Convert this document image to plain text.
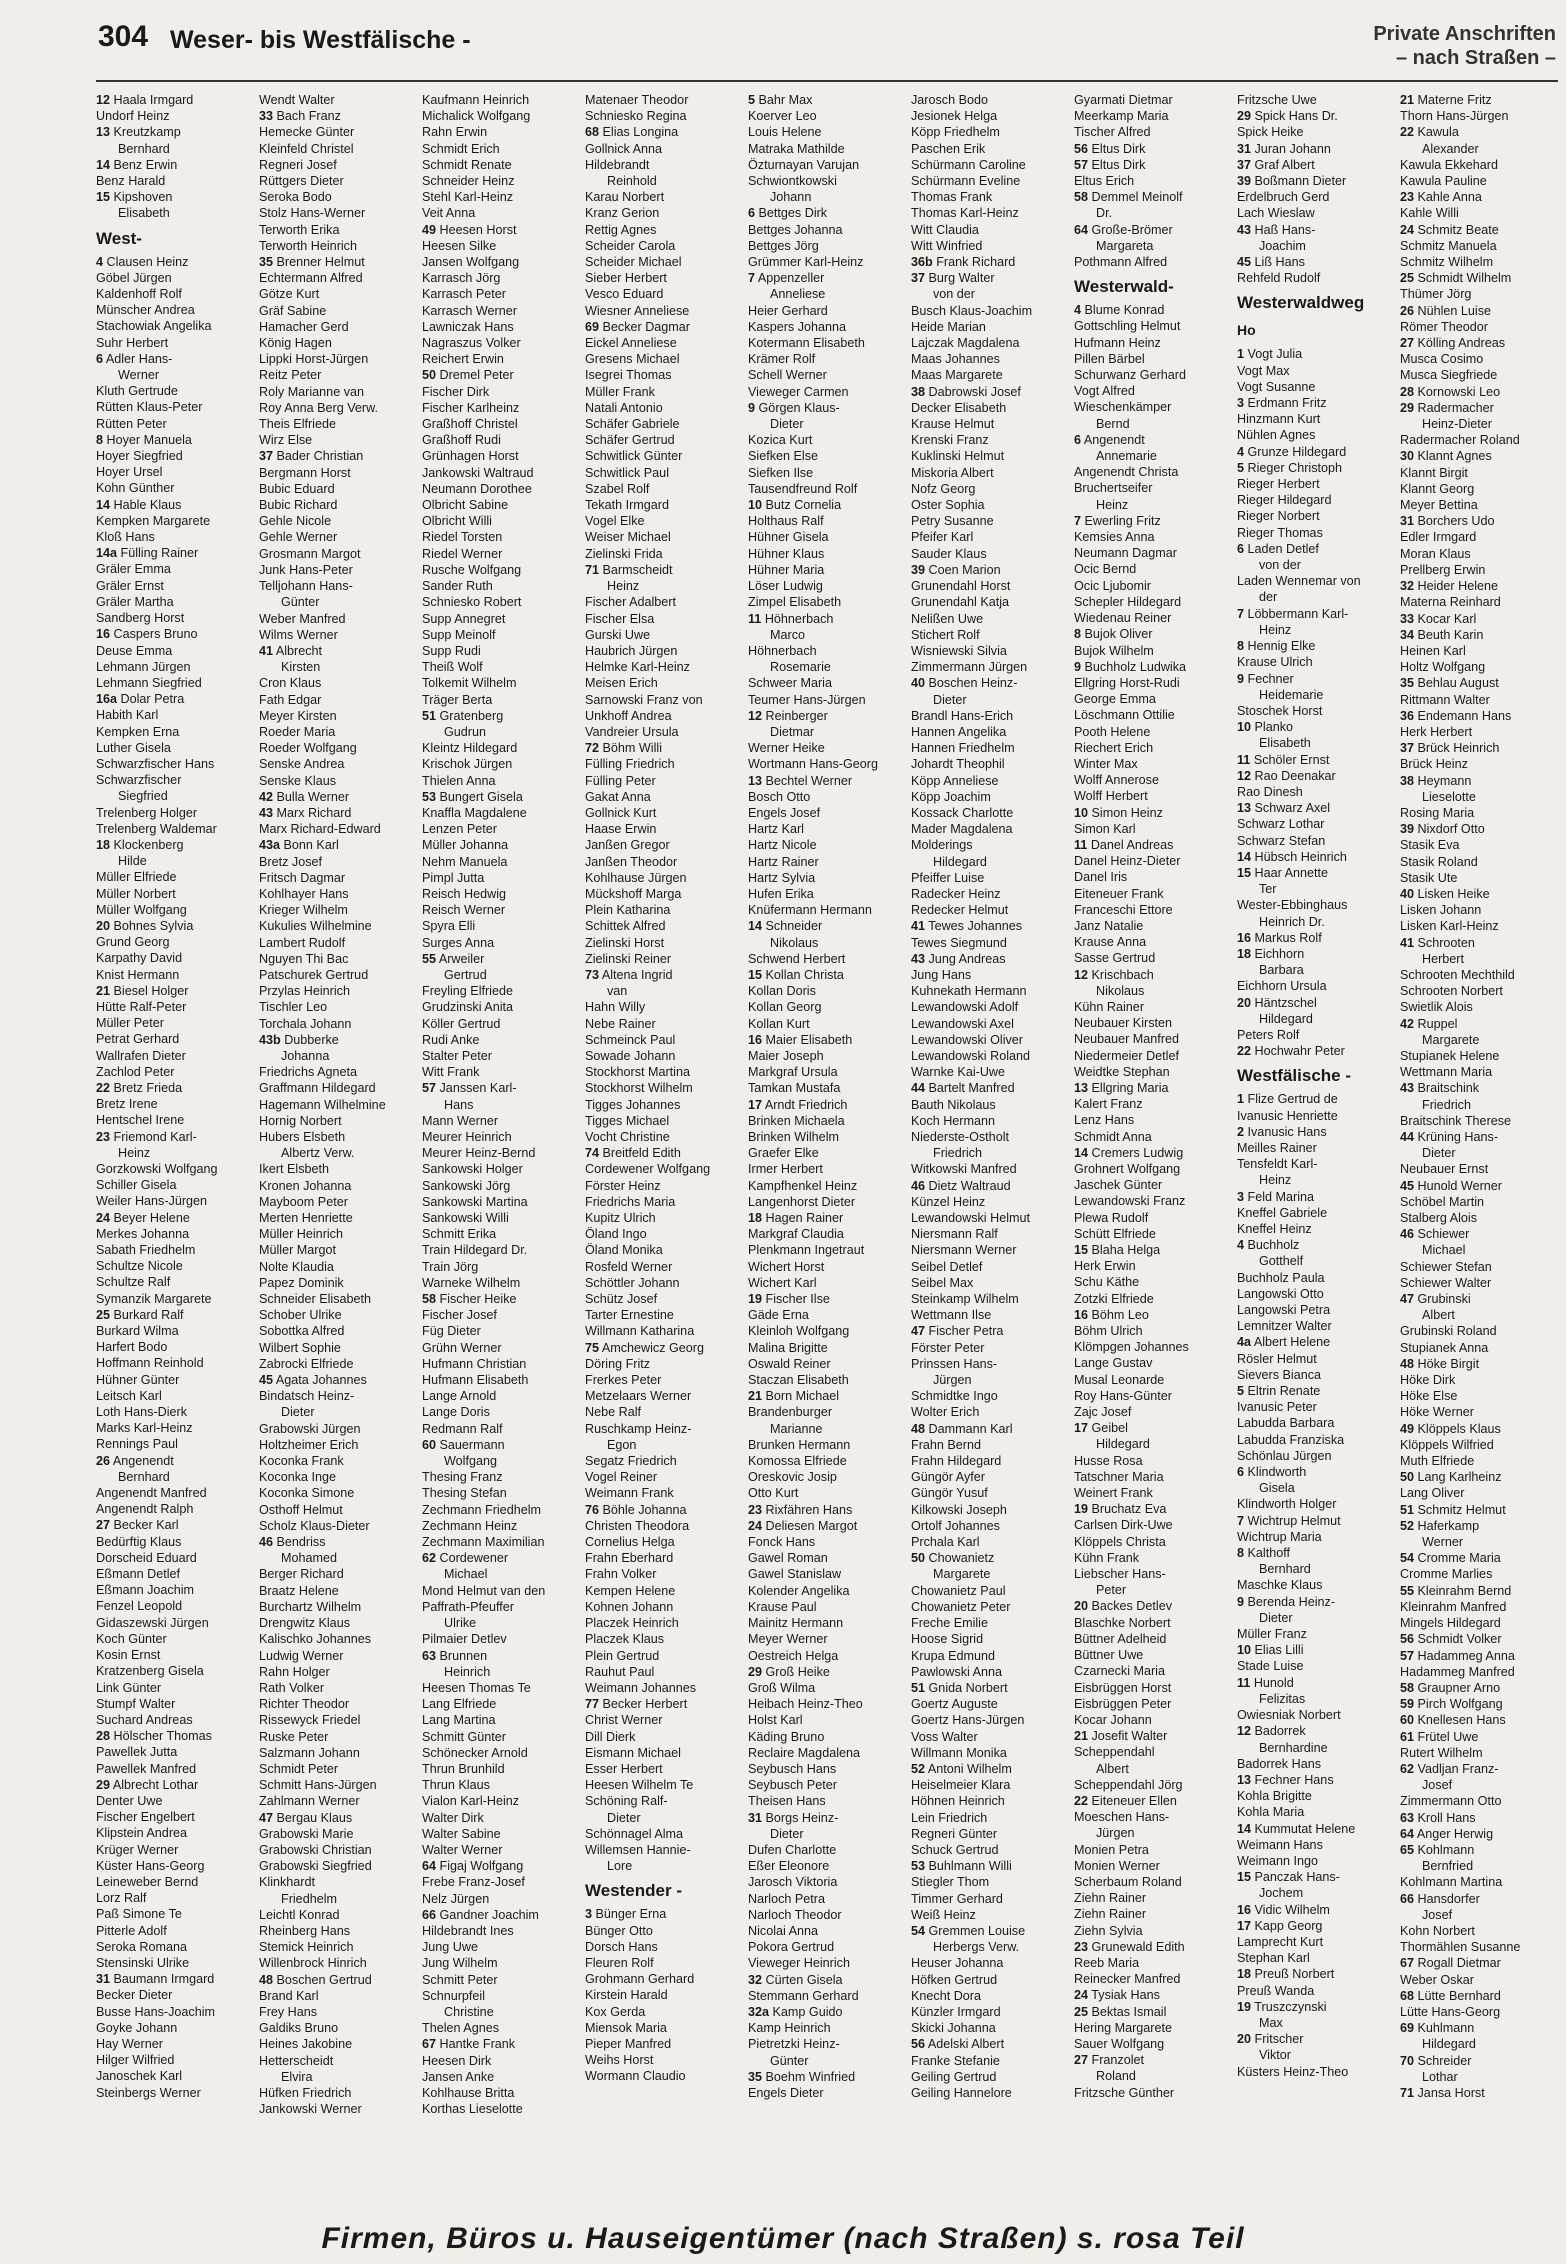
304 Weser- bis Westfälische -	Private Anschriften
– nach Straßen –
12 Haala Irmgard
Undorf Heinz
13 Kreutzkamp
Bernhard
14 Benz Erwin
Benz Harald
15 Kipshoven
Elisabeth
West-
4 Clausen Heinz
Göbel Jürgen
Kaldenhoff Rolf
Münscher Andrea
Stachowiak Angelika
Suhr Herbert
6 Adler Hans-
Werner
Kluth Gertrude
Rütten Klaus-Peter
Rütten Peter
8 Hoyer Manuela
Hoyer Siegfried
Hoyer Ursel
Kohn Günther
14 Hable Klaus
Kempken Margarete
Kloß Hans
14a Fülling Rainer
Gräler Emma
Gräler Ernst
Gräler Martha
Sandberg Horst
16 Caspers Bruno
Deuse Emma
Lehmann Jürgen
Lehmann Siegfried
16a Dolar Petra
Habith Karl
Kempken Erna
Luther Gisela
Schwarzfischer Hans
Schwarzfischer
Siegfried
Trelenberg Holger
Trelenberg Waldemar
18 Klockenberg
Hilde
Müller Elfriede
Müller Norbert
Müller Wolfgang
20 Bohnes Sylvia
Grund Georg
Karpathy David
Knist Hermann
21 Biesel Holger
Hütte Ralf-Peter
Müller Peter
Petrat Gerhard
Wallrafen Dieter
Zachlod Peter
22 Bretz Frieda
Bretz Irene
Hentschel Irene
23 Friemond Karl-
Heinz
Gorzkowski Wolfgang
Schiller Gisela
Weiler Hans-Jürgen
24 Beyer Helene
Merkes Johanna
Sabath Friedhelm
Schultze Nicole
Schultze Ralf
Symanzik Margarete
25 Burkard Ralf
Burkard Wilma
Harfert Bodo
Hoffmann Reinhold
Hühner Günter
Leitsch Karl
Loth Hans-Dierk
Marks Karl-Heinz
Rennings Paul
26 Angenendt
Bernhard
Angenendt Manfred
Angenendt Ralph
27 Becker Karl
Bedürftig Klaus
Dorscheid Eduard
Eßmann Detlef
Eßmann Joachim
Fenzel Leopold
Gidaszewski Jürgen
Koch Günter
Kosin Ernst
Kratzenberg Gisela
Link Günter
Stumpf Walter
Suchard Andreas
28 Hölscher Thomas
Pawellek Jutta
Pawellek Manfred
29 Albrecht Lothar
Denter Uwe
Fischer Engelbert
Klipstein Andrea
Krüger Werner
Küster Hans-Georg
Leineweber Bernd
Lorz Ralf
Paß Simone Te
Pitterle Adolf
Seroka Romana
Stensinski Ulrike
31 Baumann Irmgard
Becker Dieter
Busse Hans-Joachim
Goyke Johann
Hay Werner
Hilger Wilfried
Janoschek Karl
Steinbergs Werner
Wendt Walter
33 Bach Franz
Hemecke Günter
Kleinfeld Christel
Regneri Josef
Rüttgers Dieter
Seroka Bodo
Stolz Hans-Werner
Terworth Erika
Terworth Heinrich
35 Brenner Helmut
Echtermann Alfred
Götze Kurt
Gräf Sabine
Hamacher Gerd
König Hagen
Lippki Horst-Jürgen
Reitz Peter
Roly Marianne van
Roy Anna Berg Verw.
Theis Elfriede
Wirz Else
37 Bader Christian
Bergmann Horst
Bubic Eduard
Bubic Richard
Gehle Nicole
Gehle Werner
Grosmann Margot
Junk Hans-Peter
Telljohann Hans-
Günter
Weber Manfred
Wilms Werner
41 Albrecht
Kirsten
Cron Klaus
Fath Edgar
Meyer Kirsten
Roeder Maria
Roeder Wolfgang
Senske Andrea
Senske Klaus
42 Bulla Werner
43 Marx Richard
Marx Richard-Edward
43a Bonn Karl
Bretz Josef
Fritsch Dagmar
Kohlhayer Hans
Krieger Wilhelm
Kukulies Wilhelmine
Lambert Rudolf
Nguyen Thi Bac
Patschurek Gertrud
Przylas Heinrich
Tischler Leo
Torchala Johann
43b Dubberke
Johanna
Friedrichs Agneta
Graffmann Hildegard
Hagemann Wilhelmine
Hornig Norbert
Hubers Elsbeth
Albertz Verw.
Ikert Elsbeth
Kronen Johanna
Mayboom Peter
Merten Henriette
Müller Heinrich
Müller Margot
Nolte Klaudia
Papez Dominik
Schneider Elisabeth
Schober Ulrike
Sobottka Alfred
Wilbert Sophie
Zabrocki Elfriede
45 Agata Johannes
Bindatsch Heinz-
Dieter
Grabowski Jürgen
Holtzheimer Erich
Koconka Frank
Koconka Inge
Koconka Simone
Osthoff Helmut
Scholz Klaus-Dieter
46 Bendriss
Mohamed
Berger Richard
Braatz Helene
Burchartz Wilhelm
Drengwitz Klaus
Kalischko Johannes
Ludwig Werner
Rahn Holger
Rath Volker
Richter Theodor
Rissewyck Friedel
Ruske Peter
Salzmann Johann
Schmidt Peter
Schmitt Hans-Jürgen
Zahlmann Werner
47 Bergau Klaus
Grabowski Marie
Grabowski Christian
Grabowski Siegfried
Klinkhardt
Friedhelm
Leichtl Konrad
Rheinberg Hans
Stemick Heinrich
Willenbrock Hinrich
48 Boschen Gertrud
Brand Karl
Frey Hans
Galdiks Bruno
Heines Jakobine
Hetterscheidt
Elvira
Hüfken Friedrich
Jankowski Werner
Kaufmann Heinrich
Michalick Wolfgang
Rahn Erwin
Schmidt Erich
Schmidt Renate
Schneider Heinz
Stehl Karl-Heinz
Veit Anna
49 Heesen Horst
Heesen Silke
Jansen Wolfgang
Karrasch Jörg
Karrasch Peter
Karrasch Werner
Lawniczak Hans
Nagraszus Volker
Reichert Erwin
50 Dremel Peter
Fischer Dirk
Fischer Karlheinz
Graßhoff Christel
Graßhoff Rudi
Grünhagen Horst
Jankowski Waltraud
Neumann Dorothee
Olbricht Sabine
Olbricht Willi
Riedel Torsten
Riedel Werner
Rusche Wolfgang
Sander Ruth
Schniesko Robert
Supp Annegret
Supp Meinolf
Supp Rudi
Theiß Wolf
Tolkemit Wilhelm
Träger Berta
51 Gratenberg
Gudrun
Kleintz Hildegard
Krischok Jürgen
Thielen Anna
53 Bungert Gisela
Knaffla Magdalene
Lenzen Peter
Müller Johanna
Nehm Manuela
Pimpl Jutta
Reisch Hedwig
Reisch Werner
Spyra Elli
Surges Anna
55 Arweiler
Gertrud
Freyling Elfriede
Grudzinski Anita
Köller Gertrud
Rudi Anke
Stalter Peter
Witt Frank
57 Janssen Karl-
Hans
Mann Werner
Meurer Heinrich
Meurer Heinz-Bernd
Sankowski Holger
Sankowski Jörg
Sankowski Martina
Sankowski Willi
Schmitt Erika
Train Hildegard Dr.
Train Jörg
Warneke Wilhelm
58 Fischer Heike
Fischer Josef
Füg Dieter
Grühn Werner
Hufmann Christian
Hufmann Elisabeth
Lange Arnold
Lange Doris
Redmann Ralf
60 Sauermann
Wolfgang
Thesing Franz
Thesing Stefan
Zechmann Friedhelm
Zechmann Heinz
Zechmann Maximilian
62 Cordewener
Michael
Mond Helmut van den
Paffrath-Pfeuffer
Ulrike
Pilmaier Detlev
63 Brunnen
Heinrich
Heesen Thomas Te
Lang Elfriede
Lang Martina
Schmitt Günter
Schönecker Arnold
Thrun Brunhild
Thrun Klaus
Vialon Karl-Heinz
Walter Dirk
Walter Sabine
Walter Werner
64 Figaj Wolfgang
Frebe Franz-Josef
Nelz Jürgen
66 Gandner Joachim
Hildebrandt Ines
Jung Uwe
Jung Wilhelm
Schmitt Peter
Schnurpfeil
Christine
Thelen Agnes
67 Hantke Frank
Heesen Dirk
Jansen Anke
Kohlhause Britta
Korthas Lieselotte
Matenaer Theodor
Schniesko Regina
68 Elias Longina
Gollnick Anna
Hildebrandt
Reinhold
Karau Norbert
Kranz Gerion
Rettig Agnes
Scheider Carola
Scheider Michael
Sieber Herbert
Vesco Eduard
Wiesner Anneliese
69 Becker Dagmar
Eickel Anneliese
Gresens Michael
Isegrei Thomas
Müller Frank
Natali Antonio
Schäfer Gabriele
Schäfer Gertrud
Schwitlick Günter
Schwitlick Paul
Szabel Rolf
Tekath Irmgard
Vogel Elke
Weiser Michael
Zielinski Frida
71 Barmscheidt
Heinz
Fischer Adalbert
Fischer Elsa
Gurski Uwe
Haubrich Jürgen
Helmke Karl-Heinz
Meisen Erich
Sarnowski Franz von
Unkhoff Andrea
Vandreier Ursula
72 Böhm Willi
Fülling Friedrich
Fülling Peter
Gakat Anna
Gollnick Kurt
Haase Erwin
Janßen Gregor
Janßen Theodor
Kohlhause Jürgen
Mückshoff Marga
Plein Katharina
Schittek Alfred
Zielinski Horst
Zielinski Reiner
73 Altena Ingrid
van
Hahn Willy
Nebe Rainer
Schmeinck Paul
Sowade Johann
Stockhorst Martina
Stockhorst Wilhelm
Tigges Johannes
Tigges Michael
Vocht Christine
74 Breitfeld Edith
Cordewener Wolfgang
Förster Heinz
Friedrichs Maria
Kupitz Ulrich
Öland Ingo
Öland Monika
Rosfeld Werner
Schöttler Johann
Schütz Josef
Tarter Ernestine
Willmann Katharina
75 Amchewicz Georg
Döring Fritz
Frerkes Peter
Metzelaars Werner
Nebe Ralf
Ruschkamp Heinz-
Egon
Segatz Friedrich
Vogel Reiner
Weimann Frank
76 Böhle Johanna
Christen Theodora
Cornelius Helga
Frahn Eberhard
Frahn Volker
Kempen Helene
Kohnen Johann
Placzek Heinrich
Placzek Klaus
Plein Gertrud
Rauhut Paul
Weimann Johannes
77 Becker Herbert
Christ Werner
Dill Dierk
Eismann Michael
Esser Herbert
Heesen Wilhelm Te
Schöning Ralf-
Dieter
Schönnagel Alma
Willemsen Hannie-
Lore
Westender -
3 Bünger Erna
Bünger Otto
Dorsch Hans
Fleuren Rolf
Grohmann Gerhard
Kirstein Harald
Kox Gerda
Miensok Maria
Pieper Manfred
Weihs Horst
Wormann Claudio
5 Bahr Max
Koerver Leo
Louis Helene
Matraka Mathilde
Özturnayan Varujan
Schwiontkowski
Johann
6 Bettges Dirk
Bettges Johanna
Bettges Jörg
Grümmer Karl-Heinz
7 Appenzeller
Anneliese
Heier Gerhard
Kaspers Johanna
Kotermann Elisabeth
Krämer Rolf
Schell Werner
Vieweger Carmen
9 Görgen Klaus-
Dieter
Kozica Kurt
Siefken Else
Siefken Ilse
Tausendfreund Rolf
10 Butz Cornelia
Holthaus Ralf
Hühner Gisela
Hühner Klaus
Hühner Maria
Löser Ludwig
Zimpel Elisabeth
11 Höhnerbach
Marco
Höhnerbach
Rosemarie
Schweer Maria
Teumer Hans-Jürgen
12 Reinberger
Dietmar
Werner Heike
Wortmann Hans-Georg
13 Bechtel Werner
Bosch Otto
Engels Josef
Hartz Karl
Hartz Nicole
Hartz Rainer
Hartz Sylvia
Hufen Erika
Knüfermann Hermann
14 Schneider
Nikolaus
Schwend Herbert
15 Kollan Christa
Kollan Doris
Kollan Georg
Kollan Kurt
16 Maier Elisabeth
Maier Joseph
Markgraf Ursula
Tamkan Mustafa
17 Arndt Friedrich
Brinken Michaela
Brinken Wilhelm
Graefer Elke
Irmer Herbert
Kampfhenkel Heinz
Langenhorst Dieter
18 Hagen Rainer
Markgraf Claudia
Plenkmann Ingetraut
Wichert Horst
Wichert Karl
19 Fischer Ilse
Gäde Erna
Kleinloh Wolfgang
Malina Brigitte
Oswald Reiner
Staczan Elisabeth
21 Born Michael
Brandenburger
Marianne
Brunken Hermann
Komossa Elfriede
Oreskovic Josip
Otto Kurt
23 Rixfähren Hans
24 Deliesen Margot
Fonck Hans
Gawel Roman
Gawel Stanislaw
Kolender Angelika
Krause Paul
Mainitz Hermann
Meyer Werner
Oestreich Helga
29 Groß Heike
Groß Wilma
Heibach Heinz-Theo
Holst Karl
Käding Bruno
Reclaire Magdalena
Seybusch Hans
Seybusch Peter
Theisen Hans
31 Borgs Heinz-
Dieter
Dufen Charlotte
Eßer Eleonore
Jarosch Viktoria
Narloch Petra
Narloch Theodor
Nicolai Anna
Pokora Gertrud
Vieweger Heinrich
32 Cürten Gisela
Stemmann Gerhard
32a Kamp Guido
Kamp Heinrich
Pietretzki Heinz-
Günter
35 Boehm Winfried
Engels Dieter
Jarosch Bodo
Jesionek Helga
Köpp Friedhelm
Paschen Erik
Schürmann Caroline
Schürmann Eveline
Thomas Frank
Thomas Karl-Heinz
Witt Claudia
Witt Winfried
36b Frank Richard
37 Burg Walter
von der
Busch Klaus-Joachim
Heide Marian
Lajczak Magdalena
Maas Johannes
Maas Margarete
38 Dabrowski Josef
Decker Elisabeth
Krause Helmut
Krenski Franz
Kuklinski Helmut
Miskoria Albert
Nofz Georg
Oster Sophia
Petry Susanne
Pfeifer Karl
Sauder Klaus
39 Coen Marion
Grunendahl Horst
Grunendahl Katja
Nelißen Uwe
Stichert Rolf
Wisniewski Silvia
Zimmermann Jürgen
40 Boschen Heinz-
Dieter
Brandl Hans-Erich
Hannen Angelika
Hannen Friedhelm
Johardt Theophil
Köpp Anneliese
Köpp Joachim
Kossack Charlotte
Mader Magdalena
Molderings
Hildegard
Pfeiffer Luise
Radecker Heinz
Redecker Helmut
41 Tewes Johannes
Tewes Siegmund
43 Jung Andreas
Jung Hans
Kuhnekath Hermann
Lewandowski Adolf
Lewandowski Axel
Lewandowski Oliver
Lewandowski Roland
Warnke Kai-Uwe
44 Bartelt Manfred
Bauth Nikolaus
Koch Hermann
Niederste-Ostholt
Friedrich
Witkowski Manfred
46 Dietz Waltraud
Künzel Heinz
Lewandowski Helmut
Niersmann Ralf
Niersmann Werner
Seibel Detlef
Seibel Max
Steinkamp Wilhelm
Wettmann Ilse
47 Fischer Petra
Förster Peter
Prinssen Hans-
Jürgen
Schmidtke Ingo
Wolter Erich
48 Dammann Karl
Frahn Bernd
Frahn Hildegard
Güngör Ayfer
Güngör Yusuf
Kilkowski Joseph
Ortolf Johannes
Prchala Karl
50 Chowanietz
Margarete
Chowanietz Paul
Chowanietz Peter
Freche Emilie
Hoose Sigrid
Krupa Edmund
Pawlowski Anna
51 Gnida Norbert
Goertz Auguste
Goertz Hans-Jürgen
Voss Walter
Willmann Monika
52 Antoni Wilhelm
Heiselmeier Klara
Höhnen Heinrich
Lein Friedrich
Regneri Günter
Schuck Gertrud
53 Buhlmann Willi
Stiegler Thom
Timmer Gerhard
Weiß Heinz
54 Gremmen Louise
Herbergs Verw.
Heuser Johanna
Höfken Gertrud
Knecht Dora
Künzler Irmgard
Skicki Johanna
56 Adelski Albert
Franke Stefanie
Geiling Gertrud
Geiling Hannelore
Gyarmati Dietmar
Meerkamp Maria
Tischer Alfred
56 Eltus Dirk
57 Eltus Dirk
Eltus Erich
58 Demmel Meinolf
Dr.
64 Große-Brömer
Margareta
Pothmann Alfred
Westerwald-
4 Blume Konrad
Gottschling Helmut
Hufmann Heinz
Pillen Bärbel
Schurwanz Gerhard
Vogt Alfred
Wieschenkämper
Bernd
6 Angenendt
Annemarie
Angenendt Christa
Bruchertseifer
Heinz
7 Ewerling Fritz
Kemsies Anna
Neumann Dagmar
Ocic Bernd
Ocic Ljubomir
Schepler Hildegard
Wiedenau Reiner
8 Bujok Oliver
Bujok Wilhelm
9 Buchholz Ludwika
Ellgring Horst-Rudi
George Emma
Löschmann Ottilie
Pooth Helene
Riechert Erich
Winter Max
Wolff Annerose
Wolff Herbert
10 Simon Heinz
Simon Karl
11 Danel Andreas
Danel Heinz-Dieter
Danel Iris
Eiteneuer Frank
Franceschi Ettore
Janz Natalie
Krause Anna
Sasse Gertrud
12 Krischbach
Nikolaus
Kühn Rainer
Neubauer Kirsten
Neubauer Manfred
Niedermeier Detlef
Weidtke Stephan
13 Ellgring Maria
Kalert Franz
Lenz Hans
Schmidt Anna
14 Cremers Ludwig
Grohnert Wolfgang
Jaschek Günter
Lewandowski Franz
Plewa Rudolf
Schütt Elfriede
15 Blaha Helga
Herk Erwin
Schu Käthe
Zotzki Elfriede
16 Böhm Leo
Böhm Ulrich
Klömpgen Johannes
Lange Gustav
Musal Leonarde
Roy Hans-Günter
Zajc Josef
17 Geibel
Hildegard
Husse Rosa
Tatschner Maria
Weinert Frank
19 Bruchatz Eva
Carlsen Dirk-Uwe
Klöppels Christa
Kühn Frank
Liebscher Hans-
Peter
20 Backes Detlev
Blaschke Norbert
Büttner Adelheid
Büttner Uwe
Czarnecki Maria
Eisbrüggen Horst
Eisbrüggen Peter
Kocar Johann
21 Josefit Walter
Scheppendahl
Albert
Scheppendahl Jörg
22 Eiteneuer Ellen
Moeschen Hans-
Jürgen
Monien Petra
Monien Werner
Scherbaum Roland
Ziehn Rainer
Ziehn Rainer
Ziehn Sylvia
23 Grunewald Edith
Reeb Maria
Reinecker Manfred
24 Tysiak Hans
25 Bektas Ismail
Hering Margarete
Sauer Wolfgang
27 Franzolet
Roland
Fritzsche Günther
Fritzsche Uwe
29 Spick Hans Dr.
Spick Heike
31 Juran Johann
37 Graf Albert
39 Boßmann Dieter
Erdelbruch Gerd
Lach Wieslaw
43 Haß Hans-
Joachim
45 Liß Hans
Rehfeld Rudolf
Westerwaldweg
Ho
1 Vogt Julia
Vogt Max
Vogt Susanne
3 Erdmann Fritz
Hinzmann Kurt
Nühlen Agnes
4 Grunze Hildegard
5 Rieger Christoph
Rieger Herbert
Rieger Hildegard
Rieger Norbert
Rieger Thomas
6 Laden Detlef
von der
Laden Wennemar von
der
7 Löbbermann Karl-
Heinz
8 Hennig Elke
Krause Ulrich
9 Fechner
Heidemarie
Stoschek Horst
10 Planko
Elisabeth
11 Schöler Ernst
12 Rao Deenakar
Rao Dinesh
13 Schwarz Axel
Schwarz Lothar
Schwarz Stefan
14 Hübsch Heinrich
15 Haar Annette
Ter
Wester-Ebbinghaus
Heinrich Dr.
16 Markus Rolf
18 Eichhorn
Barbara
Eichhorn Ursula
20 Häntzschel
Hildegard
Peters Rolf
22 Hochwahr Peter
Westfälische -
1 Flize Gertrud de
Ivanusic Henriette
2 Ivanusic Hans
Meilles Rainer
Tensfeldt Karl-
Heinz
3 Feld Marina
Kneffel Gabriele
Kneffel Heinz
4 Buchholz
Gotthelf
Buchholz Paula
Langowski Otto
Langowski Petra
Lemnitzer Walter
4a Albert Helene
Rösler Helmut
Sievers Bianca
5 Eltrin Renate
Ivanusic Peter
Labudda Barbara
Labudda Franziska
Schönlau Jürgen
6 Klindworth
Gisela
Klindworth Holger
7 Wichtrup Helmut
Wichtrup Maria
8 Kalthoff
Bernhard
Maschke Klaus
9 Berenda Heinz-
Dieter
Müller Franz
10 Elias Lilli
Stade Luise
11 Hunold
Felizitas
Owiesniak Norbert
12 Badorrek
Bernhardine
Badorrek Hans
13 Fechner Hans
Kohla Brigitte
Kohla Maria
14 Kummutat Helene
Weimann Hans
Weimann Ingo
15 Panczak Hans-
Jochem
16 Vidic Wilhelm
17 Kapp Georg
Lamprecht Kurt
Stephan Karl
18 Preuß Norbert
Preuß Wanda
19 Truszczynski
Max
20 Fritscher
Viktor
Küsters Heinz-Theo
21 Materne Fritz
Thorn Hans-Jürgen
22 Kawula
Alexander
Kawula Ekkehard
Kawula Pauline
23 Kahle Anna
Kahle Willi
24 Schmitz Beate
Schmitz Manuela
Schmitz Wilhelm
25 Schmidt Wilhelm
Thümer Jörg
26 Nühlen Luise
Römer Theodor
27 Kölling Andreas
Musca Cosimo
Musca Siegfriede
28 Kornowski Leo
29 Radermacher
Heinz-Dieter
Radermacher Roland
30 Klannt Agnes
Klannt Birgit
Klannt Georg
Meyer Bettina
31 Borchers Udo
Edler Irmgard
Moran Klaus
Prellberg Erwin
32 Heider Helene
Materna Reinhard
33 Kocar Karl
34 Beuth Karin
Heinen Karl
Holtz Wolfgang
35 Behlau August
Rittmann Walter
36 Endemann Hans
Herk Herbert
37 Brück Heinrich
Brück Heinz
38 Heymann
Lieselotte
Rosing Maria
39 Nixdorf Otto
Stasik Eva
Stasik Roland
Stasik Ute
40 Lisken Heike
Lisken Johann
Lisken Karl-Heinz
41 Schrooten
Herbert
Schrooten Mechthild
Schrooten Norbert
Swietlik Alois
42 Ruppel
Margarete
Stupianek Helene
Wettmann Maria
43 Braitschink
Friedrich
Braitschink Therese
44 Krüning Hans-
Dieter
Neubauer Ernst
45 Hunold Werner
Schöbel Martin
Stalberg Alois
46 Schiewer
Michael
Schiewer Stefan
Schiewer Walter
47 Grubinski
Albert
Grubinski Roland
Stupianek Anna
48 Höke Birgit
Höke Dirk
Höke Else
Höke Werner
49 Klöppels Klaus
Klöppels Wilfried
Muth Elfriede
50 Lang Karlheinz
Lang Oliver
51 Schmitz Helmut
52 Haferkamp
Werner
54 Cromme Maria
Cromme Marlies
55 Kleinrahm Bernd
Kleinrahm Manfred
Mingels Hildegard
56 Schmidt Volker
57 Hadammeg Anna
Hadammeg Manfred
58 Graupner Arno
59 Pirch Wolfgang
60 Knellesen Hans
61 Frütel Uwe
Rutert Wilhelm
62 Vadljan Franz-
Josef
Zimmermann Otto
63 Kroll Hans
64 Anger Herwig
65 Kohlmann
Bernfried
Kohlmann Martina
66 Hansdorfer
Josef
Kohn Norbert
Thormählen Susanne
67 Rogall Dietmar
Weber Oskar
68 Lütte Bernhard
Lütte Hans-Georg
69 Kuhlmann
Hildegard
70 Schreider
Lothar
71 Jansa Horst
Firmen, Büros u. Hauseigentümer (nach Straßen) s. rosa Teil
